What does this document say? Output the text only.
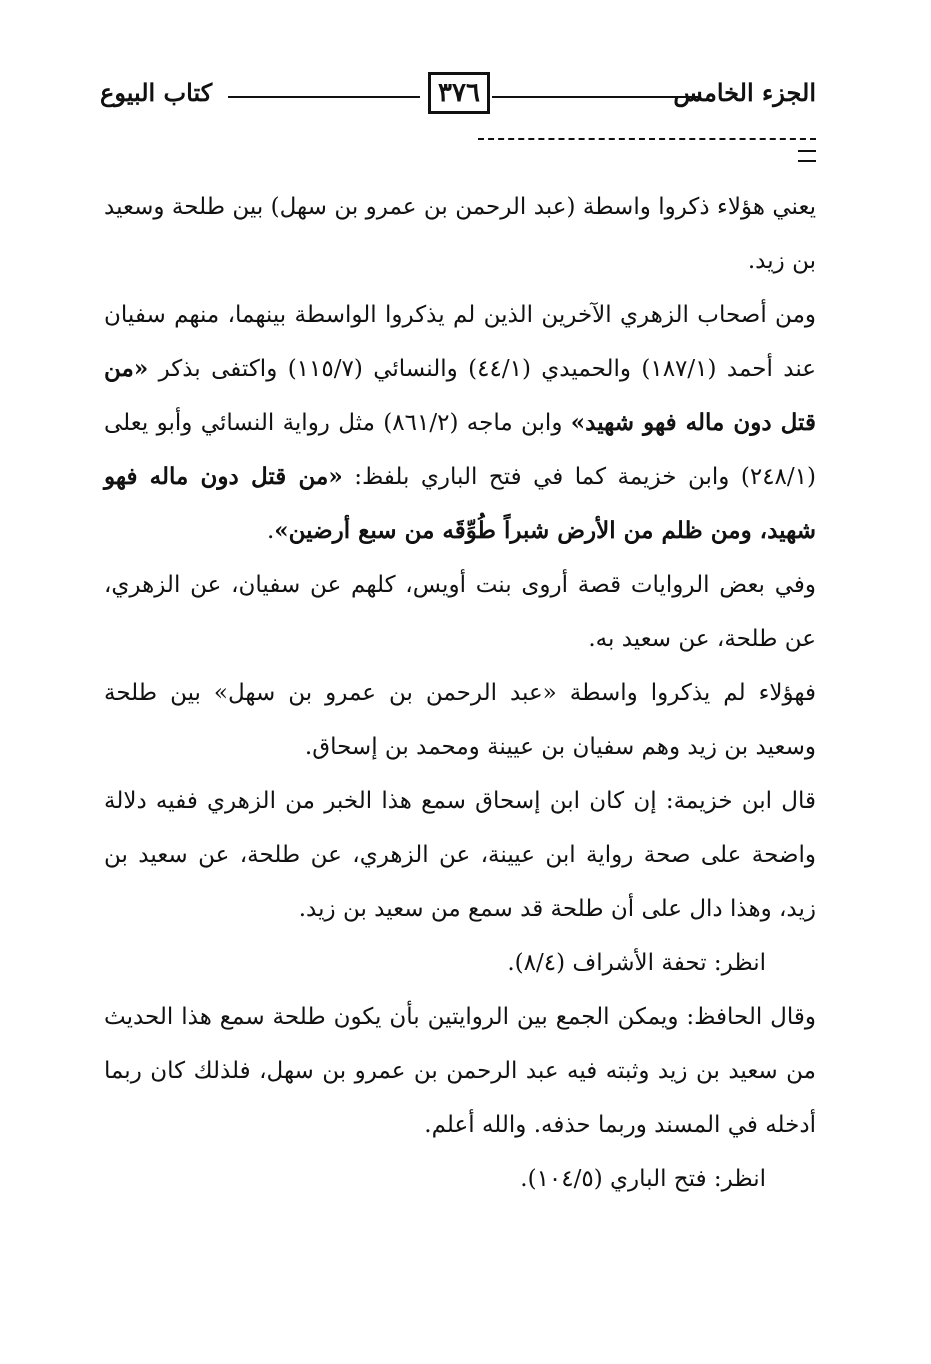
الجزء الخامس
٣٧٦
كتاب البيوع

يعني هؤلاء ذكروا واسطة (عبد الرحمن بن عمرو بن سهل) بين طلحة وسعيد بن زيد.

ومن أصحاب الزهري الآخرين الذين لم يذكروا الواسطة بينهما، منهم سفيان عند أحمد (١٨٧/١) والحميدي (٤٤/١) والنسائي (١١٥/٧) واكتفى بذكر «من قتل دون ماله فهو شهيد» وابن ماجه (٨٦١/٢) مثل رواية النسائي وأبو يعلى (٢٤٨/١) وابن خزيمة كما في فتح الباري بلفظ: «من قتل دون ماله فهو شهيد، ومن ظلم من الأرض شبراً طُوِّقَه من سبع أرضين».

وفي بعض الروايات قصة أروى بنت أويس، كلهم عن سفيان، عن الزهري، عن طلحة، عن سعيد به.

فهؤلاء لم يذكروا واسطة «عبد الرحمن بن عمرو بن سهل» بين طلحة وسعيد بن زيد وهم سفيان بن عيينة ومحمد بن إسحاق.

قال ابن خزيمة: إن كان ابن إسحاق سمع هذا الخبر من الزهري ففيه دلالة واضحة على صحة رواية ابن عيينة، عن الزهري، عن طلحة، عن سعيد بن زيد، وهذا دال على أن طلحة قد سمع من سعيد بن زيد.

انظر: تحفة الأشراف (٨/٤).

وقال الحافظ: ويمكن الجمع بين الروايتين بأن يكون طلحة سمع هذا الحديث من سعيد بن زيد وثبته فيه عبد الرحمن بن عمرو بن سهل، فلذلك كان ربما أدخله في المسند وربما حذفه. والله أعلم.

انظر: فتح الباري (١٠٤/٥).
